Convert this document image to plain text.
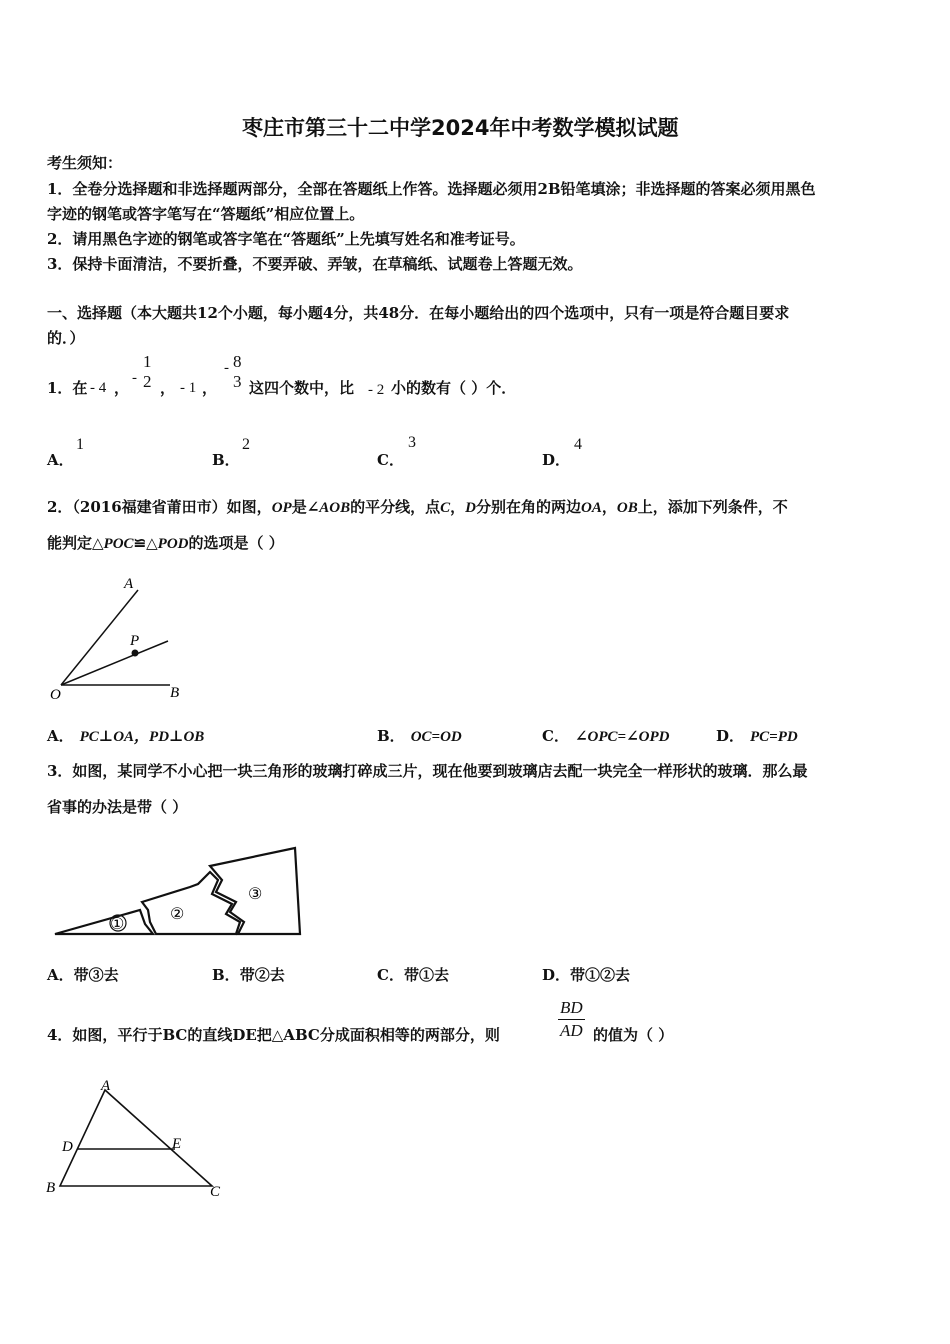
枣庄市第三十二中学2024年中考数学模拟试题
考生须知：
1．全卷分选择题和非选择题两部分，全部在答题纸上作答。选择题必须用2B铅笔填涂；非选择题的答案必须用黑色
字迹的钢笔或答字笔写在“答题纸”相应位置上。
2．请用黑色字迹的钢笔或答字笔在“答题纸”上先填写姓名和准考证号。
3．保持卡面清洁，不要折叠，不要弄破、弄皱，在草稿纸、试题卷上答题无效。
一、选择题（本大题共12个小题，每小题4分，共48分．在每小题给出的四个选项中，只有一项是符合题目要求
的．）
1．在 - 4 ，
-
1
2 ， - 1 ，
- 8
3 这四个数中，比 - 2 小的数有（ ）个．
A．
1
B．
2
C．
3
D．
4
2．（2016福建省莆田市）如图，OP是∠AOB的平分线，点C，D分别在角的两边OA，OB上，添加下列条件，不
能判定△POC≌△POD的选项是（ ）
A
P
O	B
A． PC⊥OA，PD⊥OB	B． OC=OD	C． ∠OPC=∠OPD	D． PC=PD
3．如图，某同学不小心把一块三角形的玻璃打碎成三片，现在他要到玻璃店去配一块完全一样形状的玻璃．那么最
省事的办法是带（ ）
①
②
③
A．带③去	B．带②去	C．带①去	D．带①②去
4．如图，平行于BC的直线DE把△ABC分成面积相等的两部分，则
BD
AD 的值为（ ）
A
D	E
B	C
